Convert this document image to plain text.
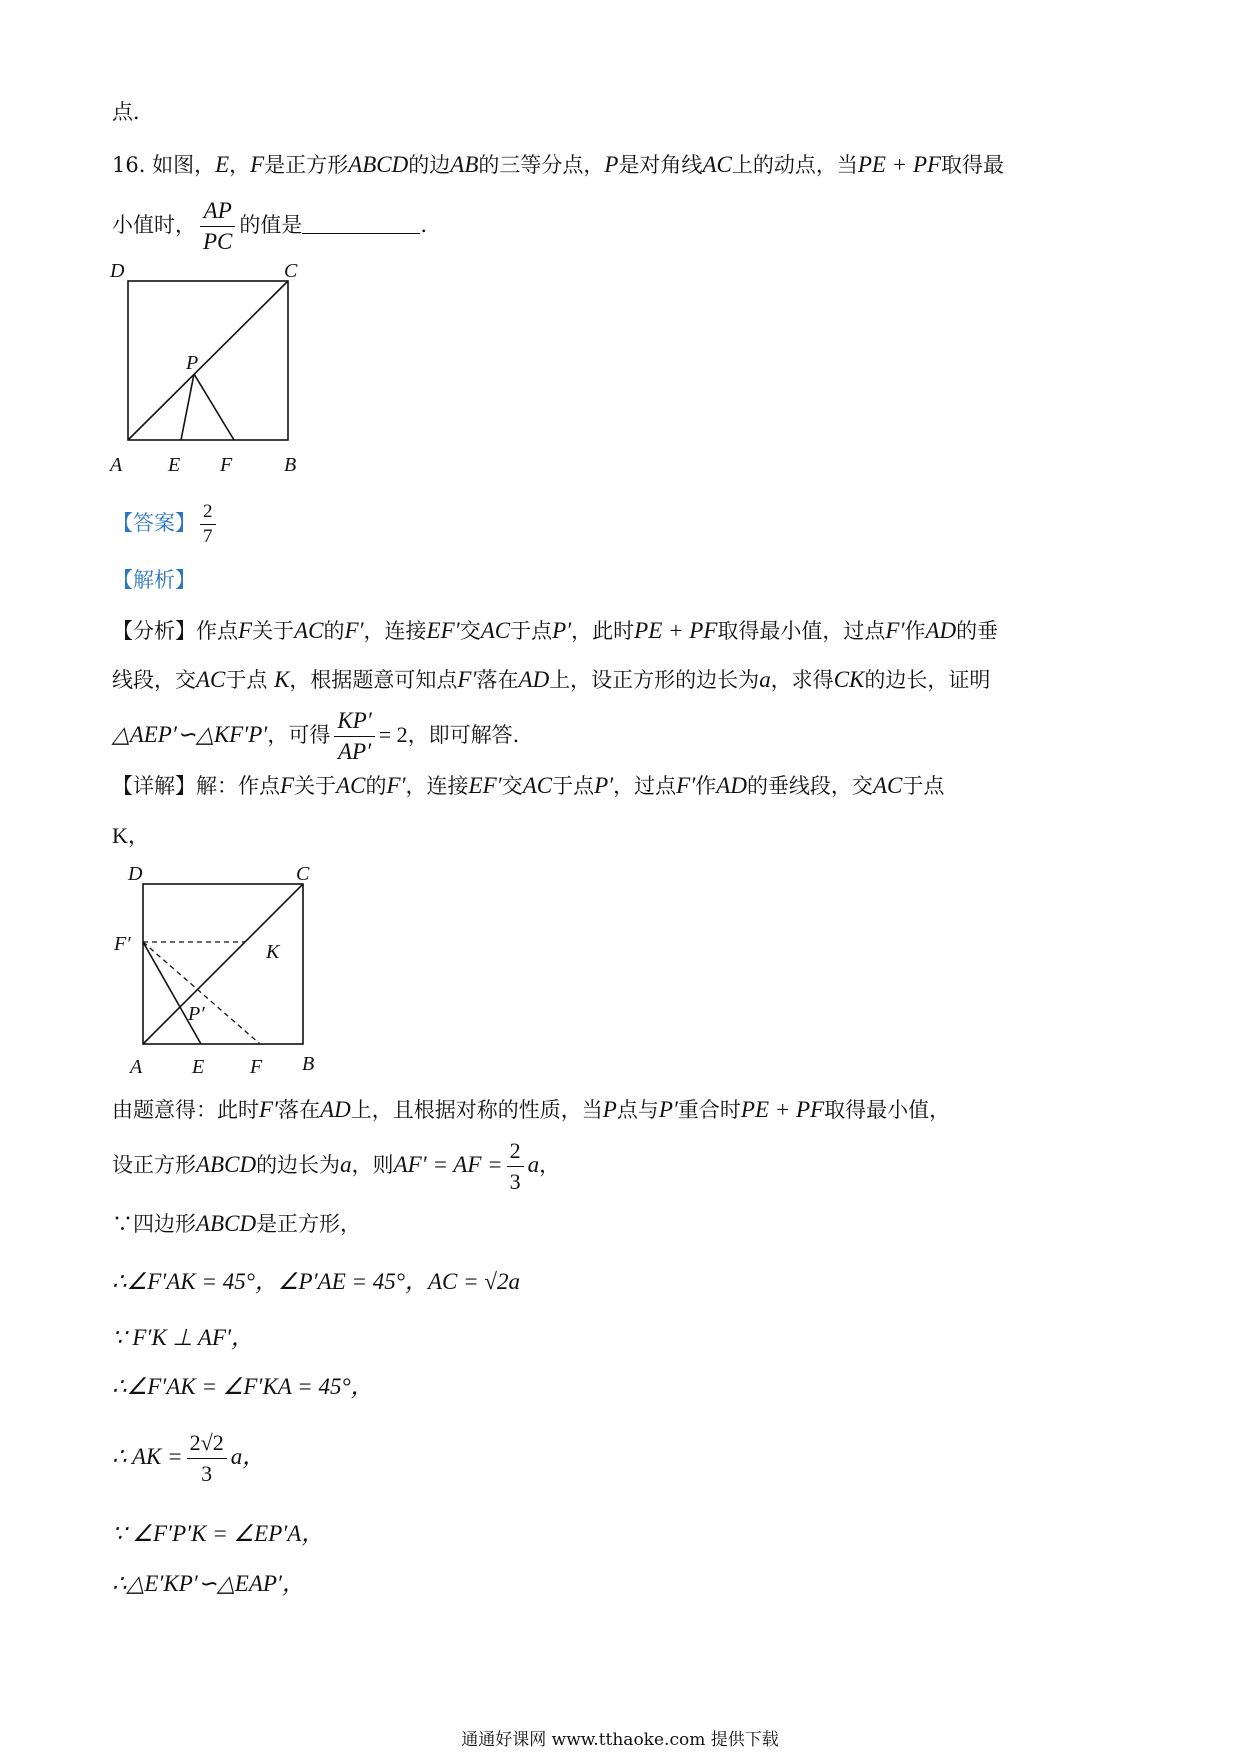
点．
16. 如图，E，F是正方形ABCD的边AB的三等分点，P是对角线AC上的动点，当PE + PF取得最
小值时， $\frac{AP}{PC}$ 的值是	.
D	C
P
A E F	B
【答案】 $\frac{2}{7}$
【解析】
【分析】作点F关于AC的F′，连接EF′交AC于点P′，此时PE + PF取得最小值，过点F′作AD的垂
线段，交AC于点 K，根据题意可知点F′落在AD上，设正方形的边长为a，求得CK的边长，证明
△AEP′∽△KF′P′，可得 $\frac{KP'}{AP'} = 2$，即可解答.
【详解】解：作点F关于AC的F′，连接EF′交AC于点P′，过点F′作AD的垂线段，交AC于点
K，
D	C
F′	K
P′
A E F B
由题意得：此时F′落在AD上，且根据对称的性质，当P点与P′重合时PE + PF取得最小值，
设正方形ABCD的边长为a，则AF′ = AF = $\frac{2}{3}$ a，
∵四边形ABCD是正方形，
∴∠F′AK = 45°，∠P′AE = 45°，AC = √2a
∵ F′K ⊥ AF′，
∴∠F′AK = ∠F′KA = 45°，
∴ AK = $\frac{2√2}{3}$ a，
∵ ∠F′P′K = ∠EP′A，
∴△E′KP′∽△EAP′，
通通好课网 www.tthaoke.com 提供下载
